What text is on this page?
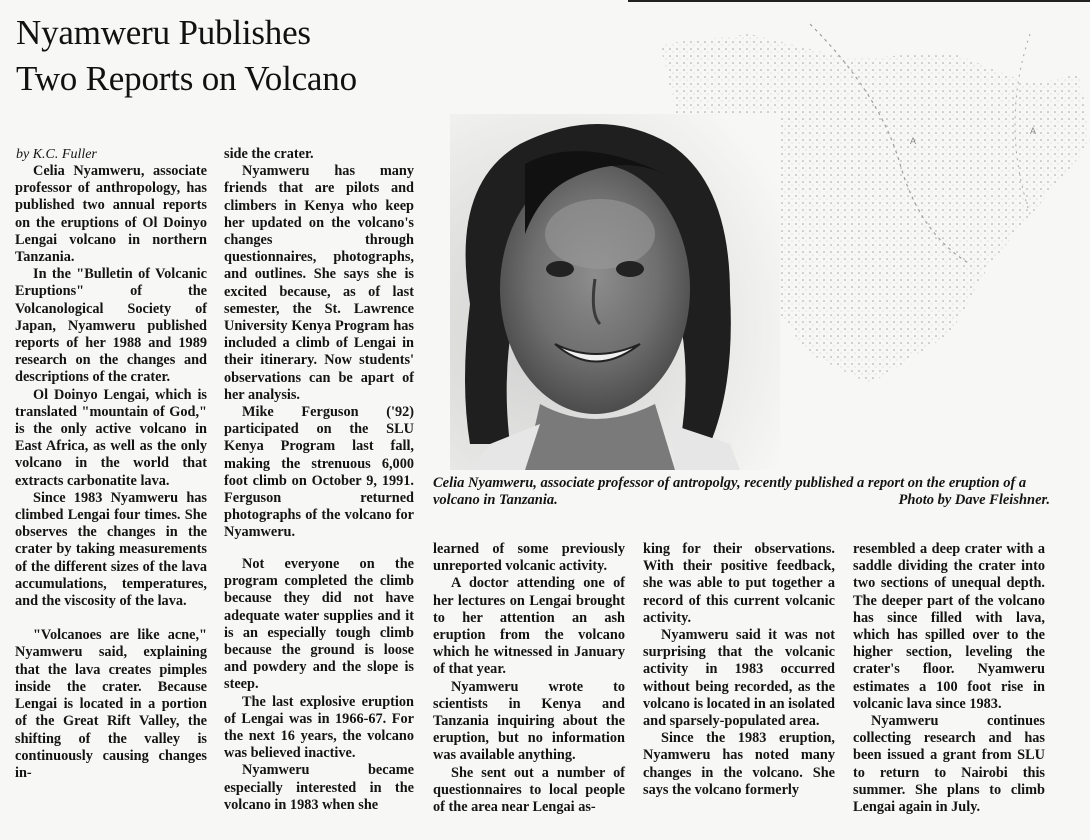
Nyamweru Publishes
Two Reports on Volcano
by K.C. Fuller

Celia Nyamweru, associate professor of anthropology, has published two annual reports on the eruptions of Ol Doinyo Lengai volcano in northern Tanzania.

In the "Bulletin of Volcanic Eruptions" of the Volcanological Society of Japan, Nyamweru published reports of her 1988 and 1989 research on the changes and descriptions of the crater.

Ol Doinyo Lengai, which is translated "mountain of God," is the only active volcano in East Africa, as well as the only volcano in the world that extracts carbonatite lava.

Since 1983 Nyamweru has climbed Lengai four times. She observes the changes in the crater by taking measurements of the different sizes of the lava accumulations, temperatures, and the viscosity of the lava.

"Volcanoes are like acne," Nyamweru said, explaining that the lava creates pimples inside the crater. Because Lengai is located in a portion of the Great Rift Valley, the shifting of the valley is continuously causing changes in-

side the crater.

Nyamweru has many friends that are pilots and climbers in Kenya who keep her updated on the volcano's changes through questionnaires, photographs, and outlines. She says she is excited because, as of last semester, the St. Lawrence University Kenya Program has included a climb of Lengai in their itinerary. Now students' observations can be apart of her analysis.

Mike Ferguson ('92) participated on the SLU Kenya Program last fall, making the strenuous 6,000 foot climb on October 9, 1991. Ferguson returned photographs of the volcano for Nyamweru.

Not everyone on the program completed the climb because they did not have adequate water supplies and it is an especially tough climb because the ground is loose and powdery and the slope is steep.

The last explosive eruption of Lengai was in 1966-67. For the next 16 years, the volcano was believed inactive.

Nyamweru became especially interested in the volcano in 1983 when she

A
A
Celia Nyamweru, associate professor of antropolgy, recently published a report on the eruption of a volcano in Tanzania.	Photo by Dave Fleishner.

learned of some previously unreported volcanic activity.

A doctor attending one of her lectures on Lengai brought to her attention an ash eruption from the volcano which he witnessed in January of that year.

Nyamweru wrote to scientists in Kenya and Tanzania inquiring about the eruption, but no information was available anything.

She sent out a number of questionnaires to local people of the area near Lengai as-

king for their observations. With their positive feedback, she was able to put together a record of this current volcanic activity.

Nyamweru said it was not surprising that the volcanic activity in 1983 occurred without being recorded, as the volcano is located in an isolated and sparsely-populated area.

Since the 1983 eruption, Nyamweru has noted many changes in the volcano. She says the volcano formerly

resembled a deep crater with a saddle dividing the crater into two sections of unequal depth. The deeper part of the volcano has since filled with lava, which has spilled over to the higher section, leveling the crater's floor. Nyamweru estimates a 100 foot rise in volcanic lava since 1983.

Nyamweru continues collecting research and has been issued a grant from SLU to return to Nairobi this summer. She plans to climb Lengai again in July.
